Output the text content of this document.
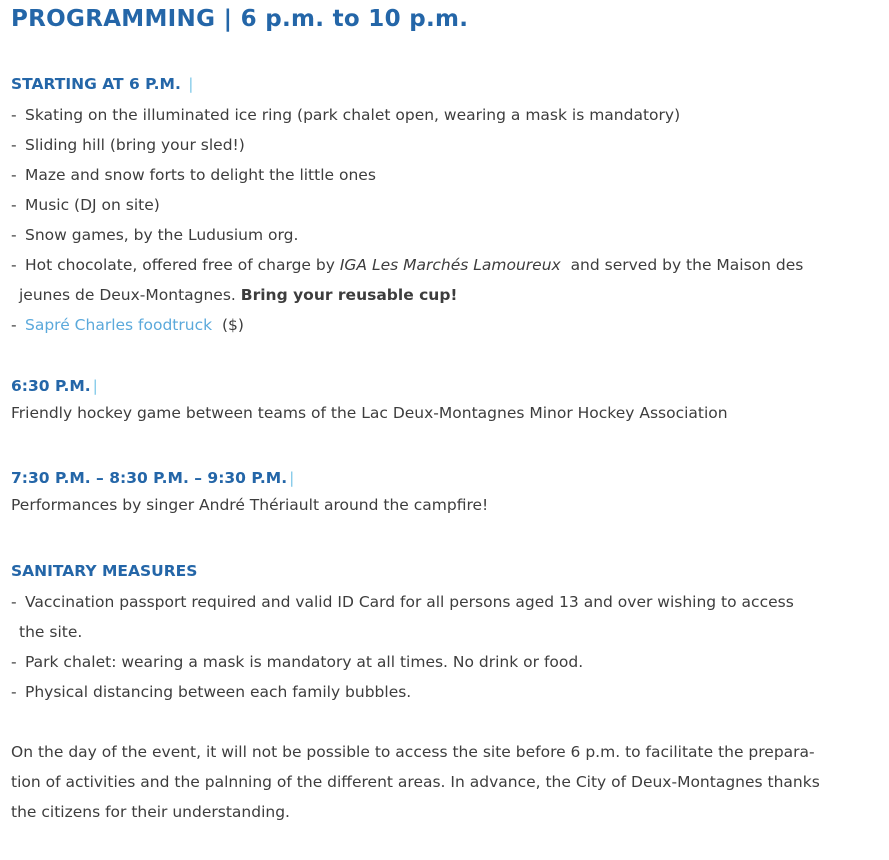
PROGRAMMING | 6 p.m. to 10 p.m.
STARTING AT 6 P.M. |
- Skating on the illuminated ice ring (park chalet open, wearing a mask is mandatory)
- Sliding hill (bring your sled!)
- Maze and snow forts to delight the little ones
- Music (DJ on site)
- Snow games, by the Ludusium org.
- Hot chocolate, offered free of charge by IGA Les Marchés Lamoureux and served by the Maison des
jeunes de Deux-Montagnes. Bring your reusable cup!
- Sapré Charles foodtruck ($)
6:30 P.M. |
Friendly hockey game between teams of the Lac Deux-Montagnes Minor Hockey Association
7:30 P.M. – 8:30 P.M. – 9:30 P.M. |
Performances by singer André Thériault around the campfire!
SANITARY MEASURES
- Vaccination passport required and valid ID Card for all persons aged 13 and over wishing to access
the site.
- Park chalet: wearing a mask is mandatory at all times. No drink or food.
- Physical distancing between each family bubbles.
On the day of the event, it will not be possible to access the site before 6 p.m. to facilitate the prepara-
tion of activities and the palnning of the different areas. In advance, the City of Deux-Montagnes thanks
the citizens for their understanding.
